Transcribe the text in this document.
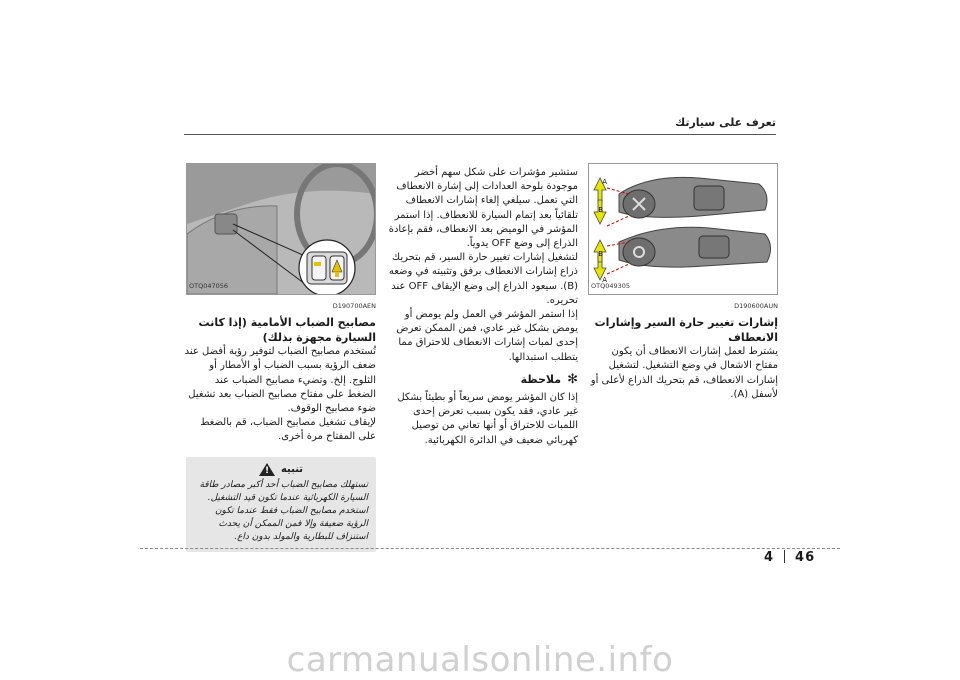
تعرف على سيارتك
A
B
B
A
OTQ049305
D190600AUN

إشارات تغيير حارة السير وإشارات الانعطاف

يشترط لعمل إشارات الانعطاف أن يكون مفتاح الاشعال في وضع التشغيل. لتشغيل إشارات الانعطاف، قم بتحريك الذراع لأعلى أو لأسفل (A).

ستشير مؤشرات على شكل سهم أخضر موجودة بلوحة العدادات إلى إشارة الانعطاف التي تعمل. سيلغي إلغاء إشارات الانعطاف تلقائياً بعد إتمام السيارة للانعطاف. إذا استمر المؤشر في الوميض بعد الانعطاف، فقم بإعادة الذراع إلى وضع OFF يدوياً.

لتشغيل إشارات تغيير حارة السير، قم بتحريك ذراع إشارات الانعطاف برفق وتثبيته في وضعه (B). سيعود الذراع إلى وضع الإيقاف OFF عند تحريره.

إذا استمر المؤشر في العمل ولم يومض أو يومض بشكل غير عادي، فمن الممكن تعرض إحدى لمبات إشارات الانعطاف للاحتراق مما يتطلب استبدالها.

✻
ملاحظة

إذا كان المؤشر يومض سريعاً أو بطيئاً بشكل غير عادي، فقد يكون بسبب تعرض إحدى اللمبات للاحتراق أو أنها تعاني من توصيل كهربائي ضعيف في الدائرة الكهربائية.

OTQ047056
D190700AEN

مصابيح الضباب الأمامية (إذا كانت السيارة مجهزة بذلك)

تُستخدم مصابيح الضباب لتوفير رؤية أفضل عند ضعف الرؤية بسبب الضباب أو الأمطار أو الثلوج. إلخ. وتضيء مصابيح الضباب عند الضغط على مفتاح مصابيح الضباب بعد تشغيل ضوء مصابيح الوقوف.

لإيقاف تشغيل مصابيح الضباب، قم بالضغط على المفتاح مرة أخرى.

تنبيه
!
تستهلك مصابيح الضباب أحد أكبر مصادر طاقة السيارة الكهربائية عندما تكون قيد التشغيل. استخدم مصابيح الضباب فقط عندما تكون الرؤية ضعيفة وإلا فمن الممكن أن يحدث استنزاف للبطارية والمولد بدون داع.
4 46
carmanualsonline.info
